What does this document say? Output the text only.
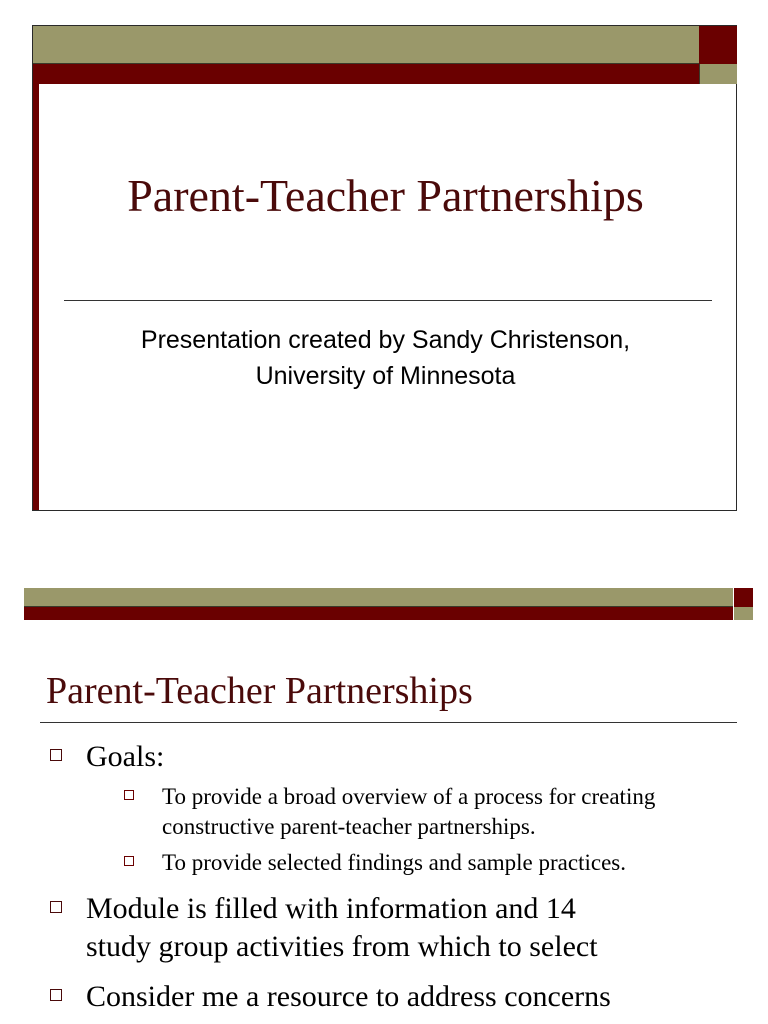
Parent-Teacher Partnerships
Presentation created by Sandy Christenson,
University of Minnesota
Parent-Teacher Partnerships
Goals:
To provide a broad overview of a process for creating
constructive parent-teacher partnerships.
To provide selected findings and sample practices.
Module is filled with information and 14
study group activities from which to select
Consider me a resource to address concerns
